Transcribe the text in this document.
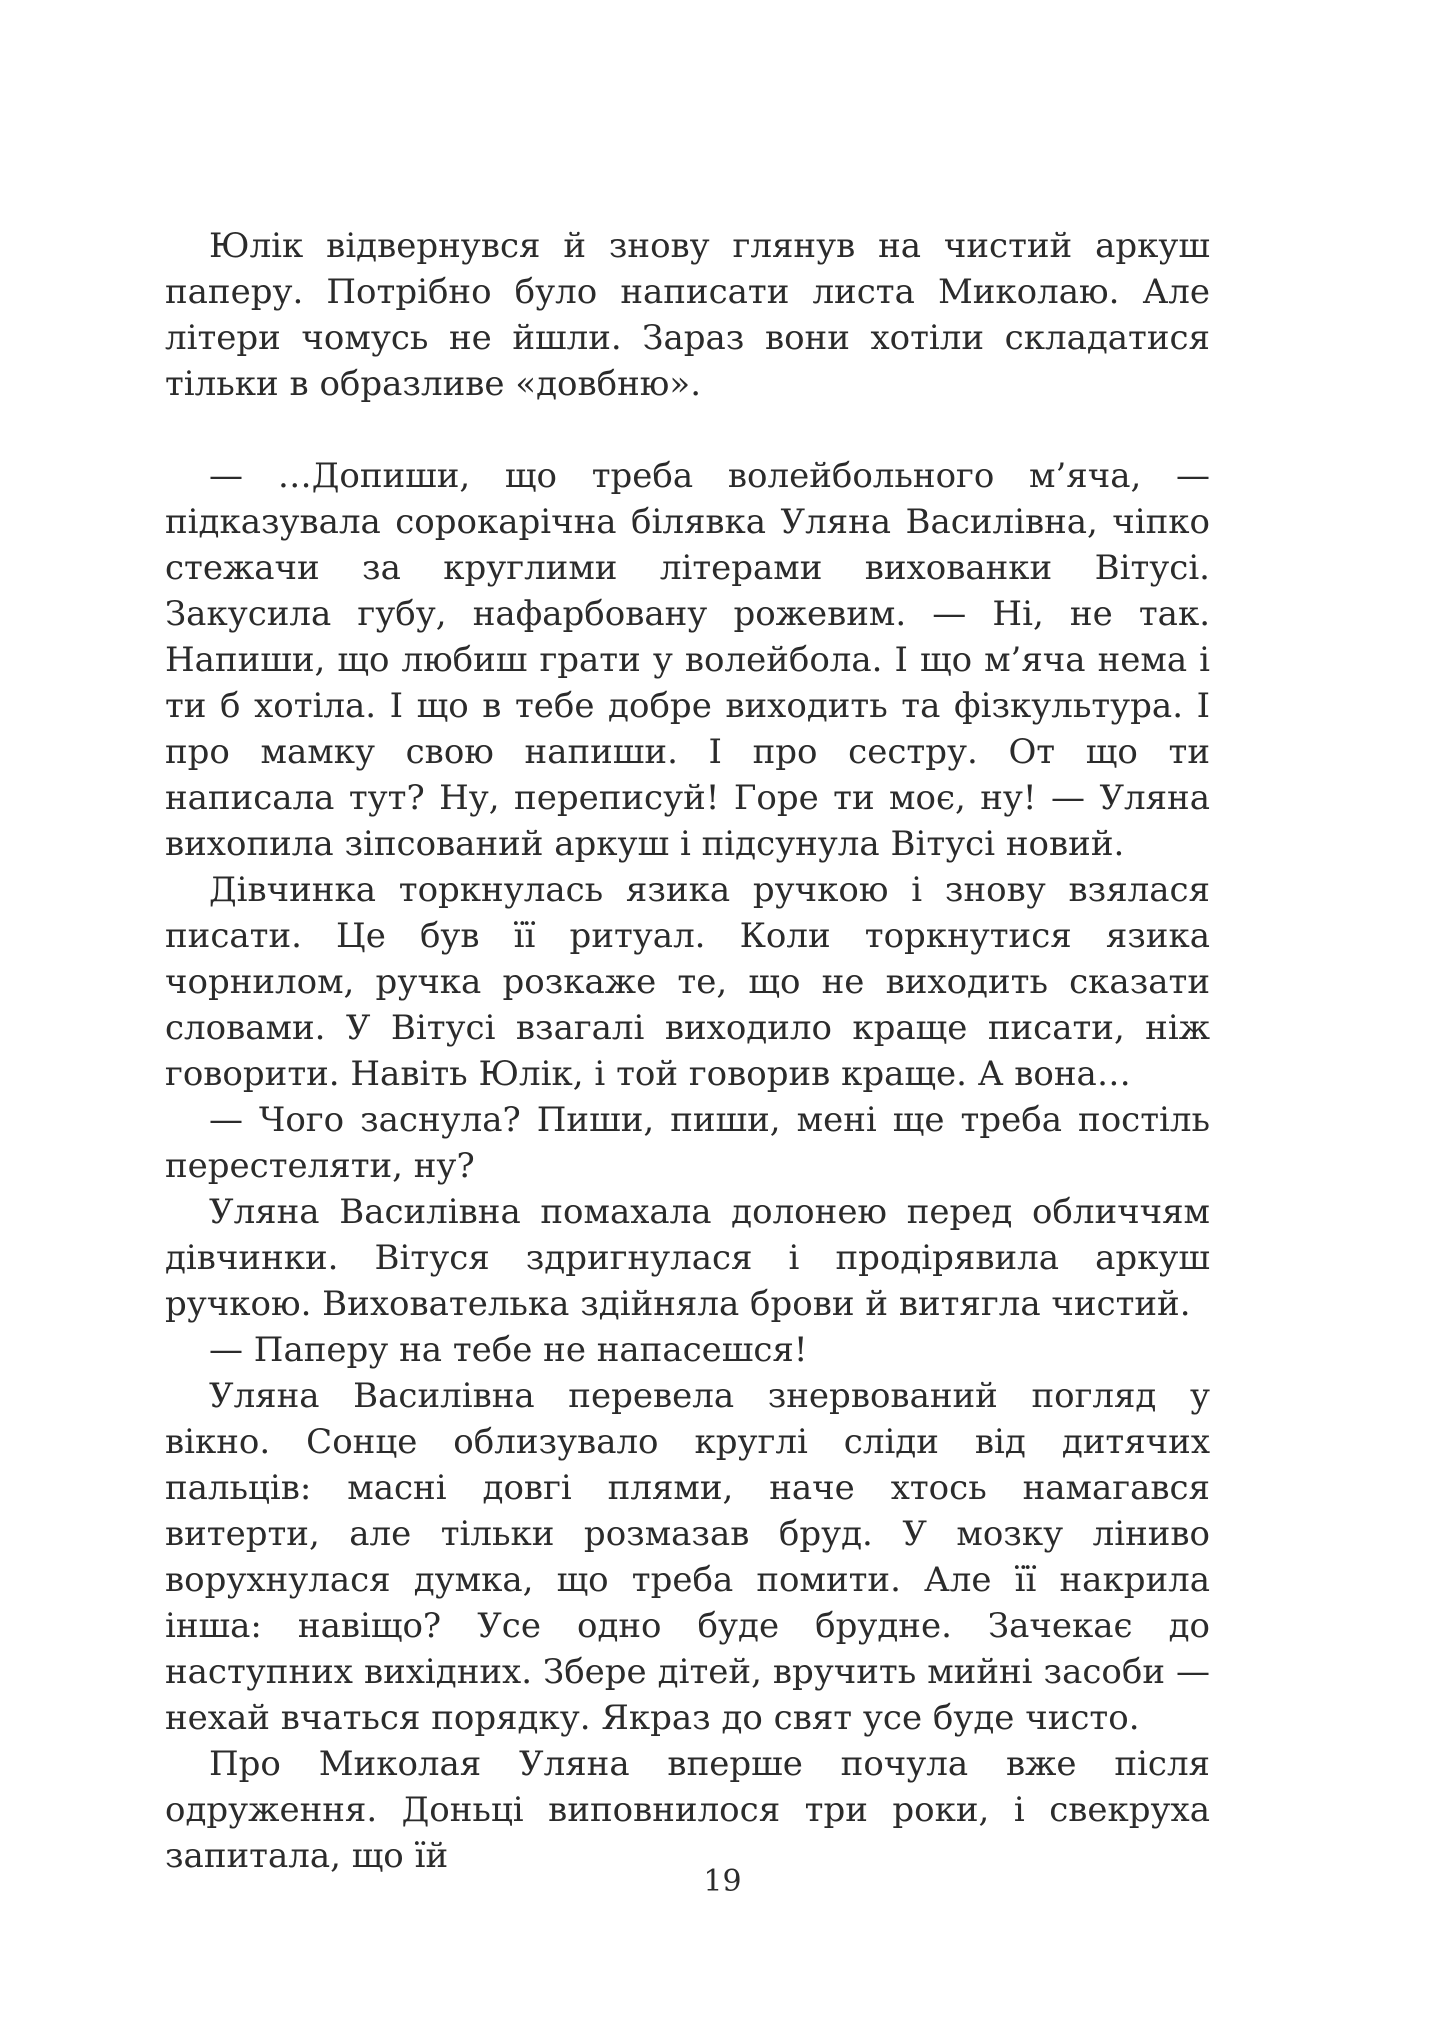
Юлік відвернувся й знову глянув на чистий аркуш паперу. Потрібно було написати листа Миколаю. Але літери чомусь не йшли. Зараз вони хотіли складатися тільки в образливе «довбню».

— …Допиши, що треба волейбольного м’яча, — підказувала сорокарічна білявка Уляна Василівна, чіпко стежачи за круглими літерами вихованки Вітусі. Закусила губу, нафарбовану рожевим. — Ні, не так. Напиши, що любиш грати у волейбола. І що м’яча нема і ти б хотіла. І що в тебе добре виходить та фізкультура. І про мамку свою напиши. І про сестру. От що ти написала тут? Ну, переписуй! Горе ти моє, ну! — Уляна вихопила зіпсований аркуш і підсунула Вітусі новий.

Дівчинка торкнулась язика ручкою і знову взялася писати. Це був її ритуал. Коли торкнутися язика чорнилом, ручка розкаже те, що не виходить сказати словами. У Вітусі взагалі виходило краще писати, ніж говорити. Навіть Юлік, і той говорив краще. А вона…

— Чого заснула? Пиши, пиши, мені ще треба постіль перестеляти, ну?

Уляна Василівна помахала долонею перед обличчям дівчинки. Вітуся здригнулася і продірявила аркуш ручкою. Вихователька здійняла брови й витягла чистий.

— Паперу на тебе не напасешся!

Уляна Василівна перевела знервований погляд у вікно. Сонце облизувало круглі сліди від дитячих пальців: масні довгі плями, наче хтось намагався витерти, але тільки розмазав бруд. У мозку ліниво ворухнулася думка, що треба помити. Але її накрила інша: навіщо? Усе одно буде брудне. Зачекає до наступних вихідних. Збере дітей, вручить мийні засоби — нехай вчаться порядку. Якраз до свят усе буде чисто.

Про Миколая Уляна вперше почула вже після одруження. Доньці виповнилося три роки, і свекруха запитала, що їй

19
